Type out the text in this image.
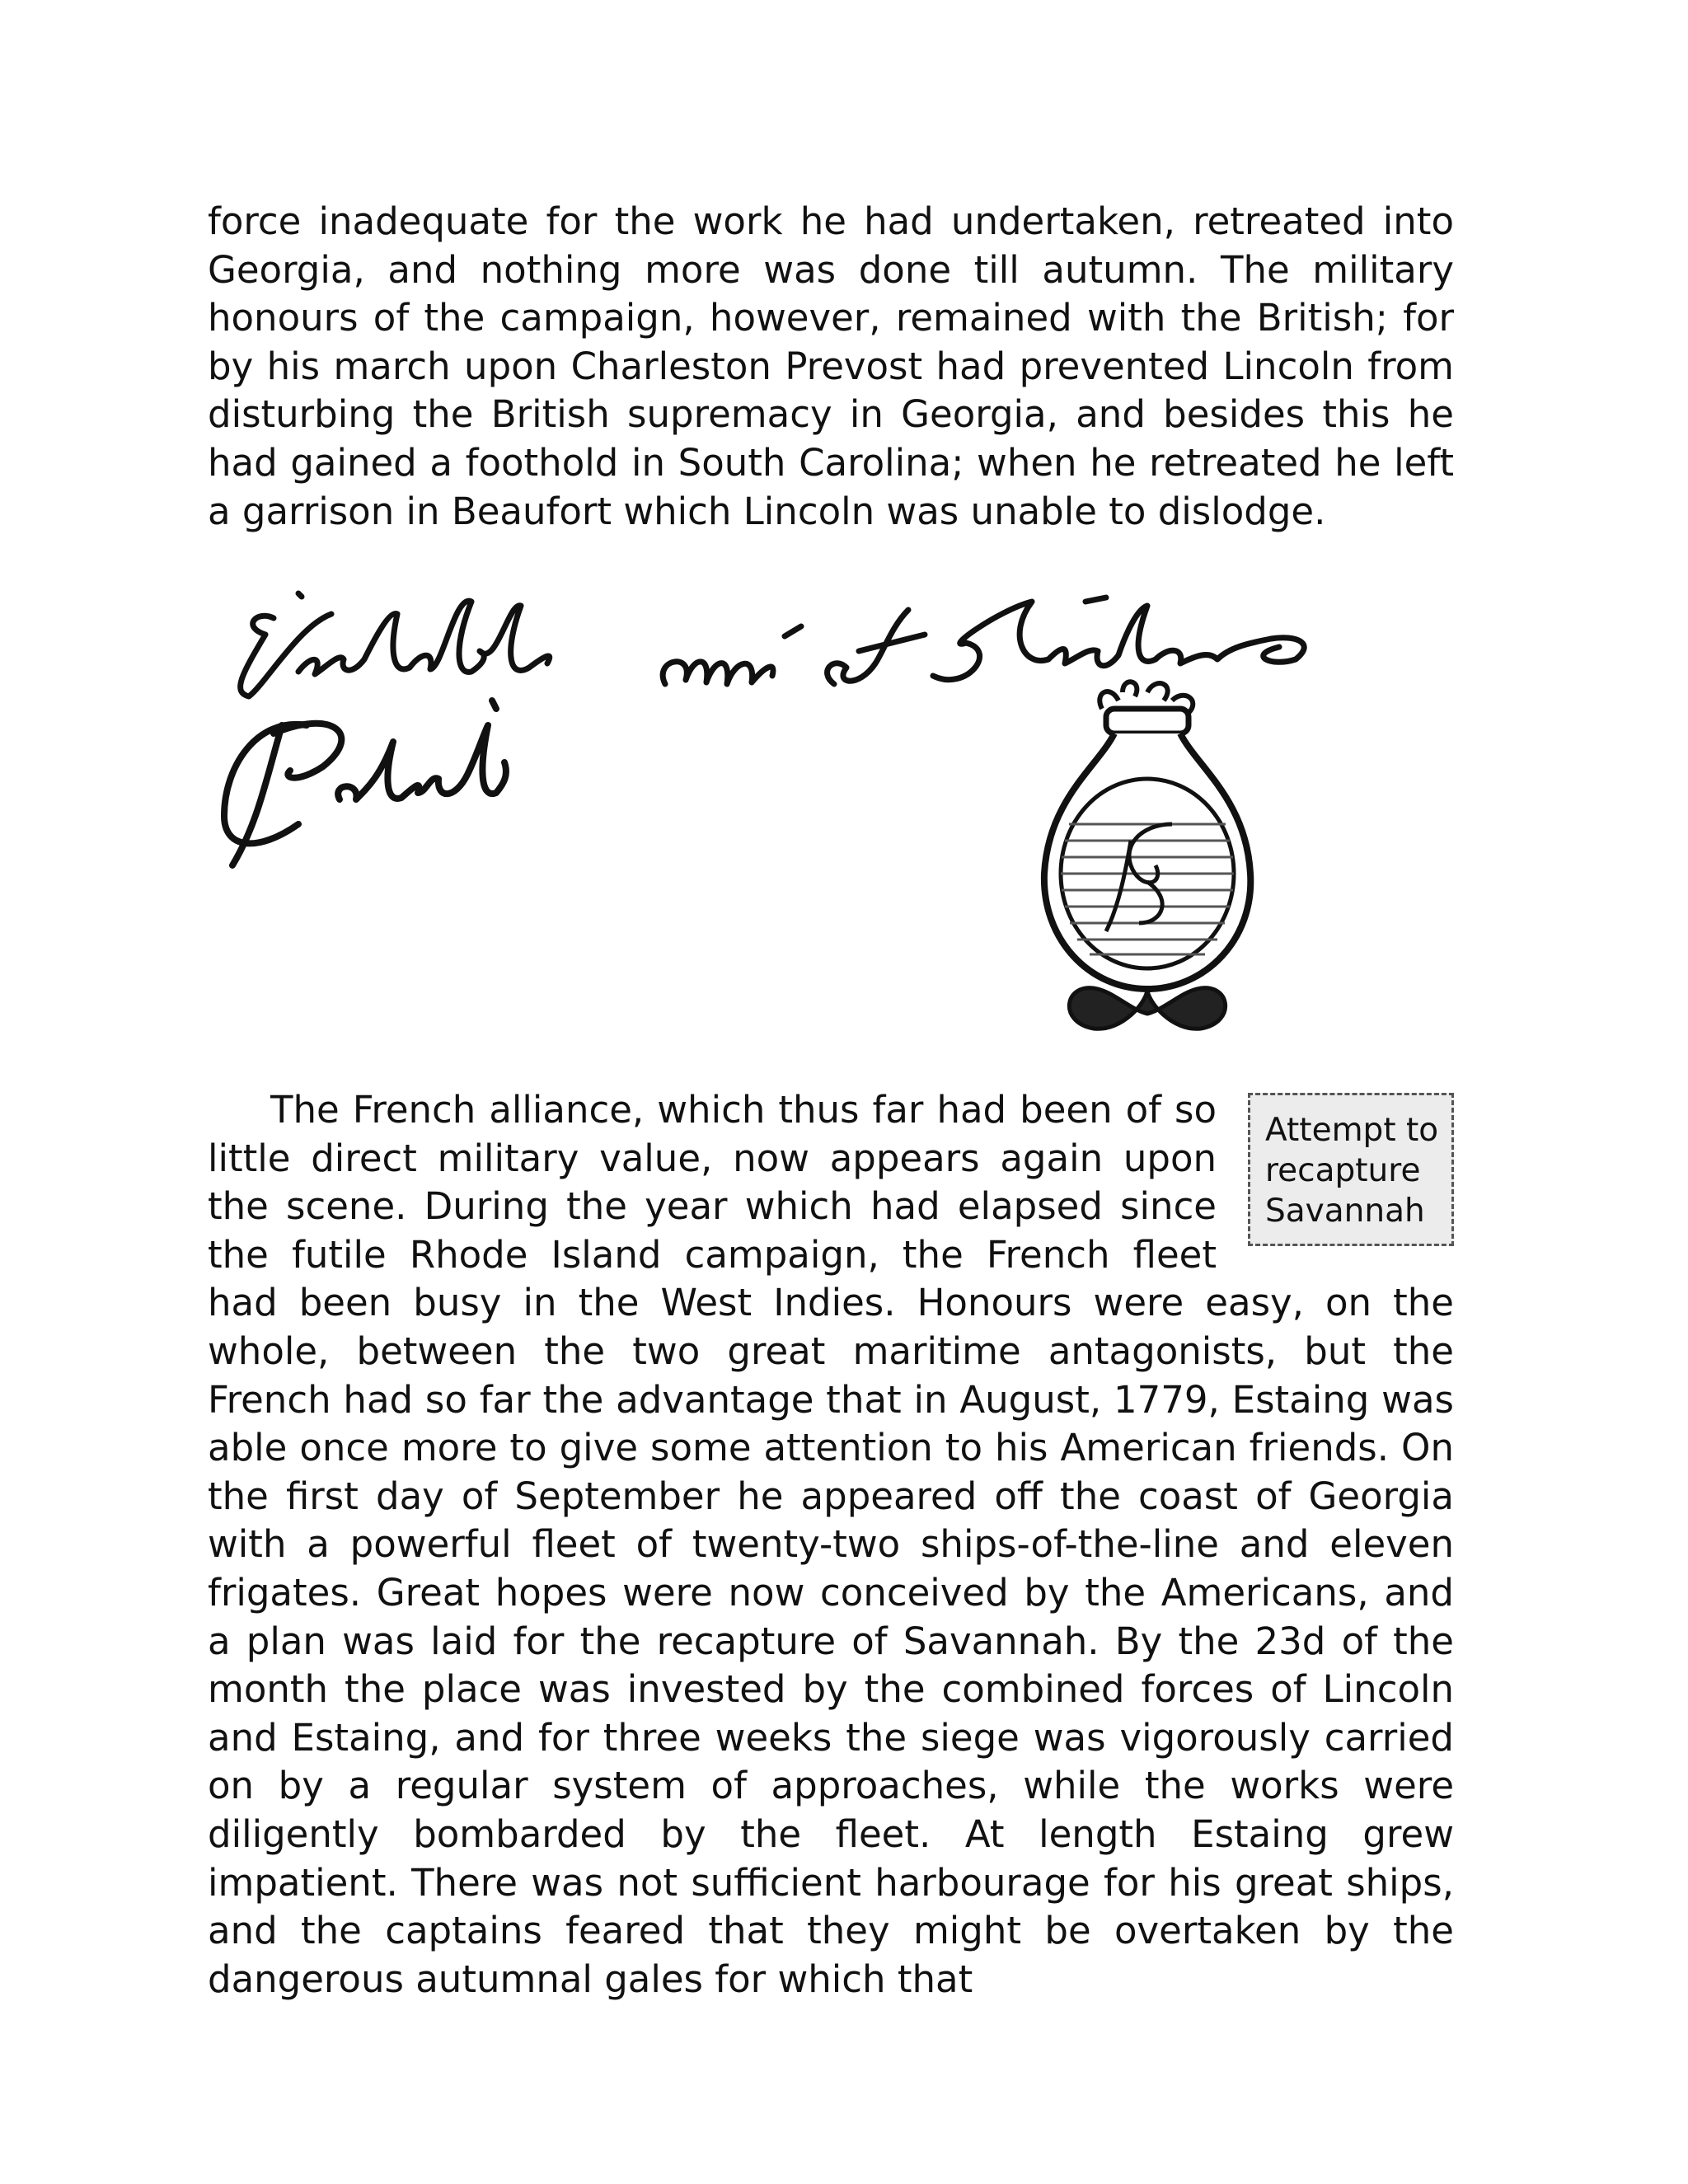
force inadequate for the work he had undertaken, retreated into Georgia, and nothing more was done till autumn. The military honours of the campaign, however, remained with the British; for by his march upon Charleston Prevost had prevented Lincoln from disturbing the British supremacy in Georgia, and besides this he had gained a foothold in South Carolina; when he retreated he left a garrison in Beaufort which Lincoln was unable to dislodge.

Attempt to recapture Savannah
The French alliance, which thus far had been of so little direct military value, now appears again upon the scene. During the year which had elapsed since the futile Rhode Island campaign, the French fleet had been busy in the West Indies. Honours were easy, on the whole, between the two great maritime antagonists, but the French had so far the advantage that in August, 1779, Estaing was able once more to give some attention to his American friends. On the first day of September he appeared off the coast of Georgia with a powerful fleet of twenty-two ships-of-the-line and eleven frigates. Great hopes were now conceived by the Americans, and a plan was laid for the recapture of Savannah. By the 23d of the month the place was invested by the combined forces of Lincoln and Estaing, and for three weeks the siege was vigorously carried on by a regular system of approaches, while the works were diligently bombarded by the fleet. At length Estaing grew impatient. There was not sufficient harbourage for his great ships, and the captains feared that they might be overtaken by the dangerous autumnal gales for which that
